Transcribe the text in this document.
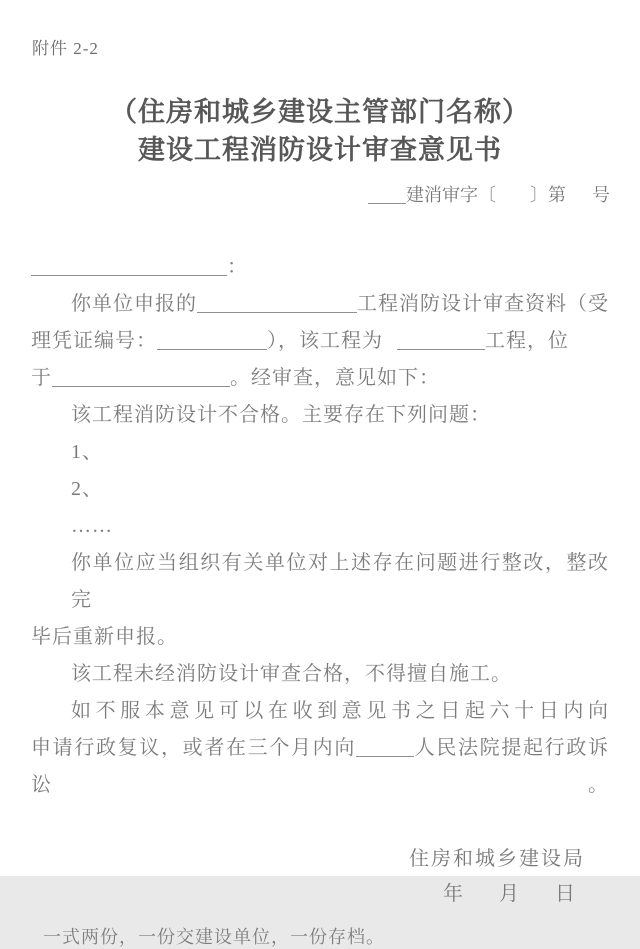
附件 2-2
（住房和城乡建设主管部门名称）
建设工程消防设计审查意见书
建消审字〔 〕第 号
：
你单位申报的	工程消防设计审查资料（受
理凭证编号：	），该工程为	工程，位
于	。经审查，意见如下：
该工程消防设计不合格。主要存在下列问题：
1、
2、
……
你单位应当组织有关单位对上述存在问题进行整改，整改完
毕后重新申报。
该工程未经消防设计审查合格，不得擅自施工。
如不服本意见可以在收到意见书之日起六十日内向
申请行政复议，或者在三个月内向	人民法院提起行政诉讼。
住房和城乡建设局
年 月 日
一式两份，一份交建设单位，一份存档。
